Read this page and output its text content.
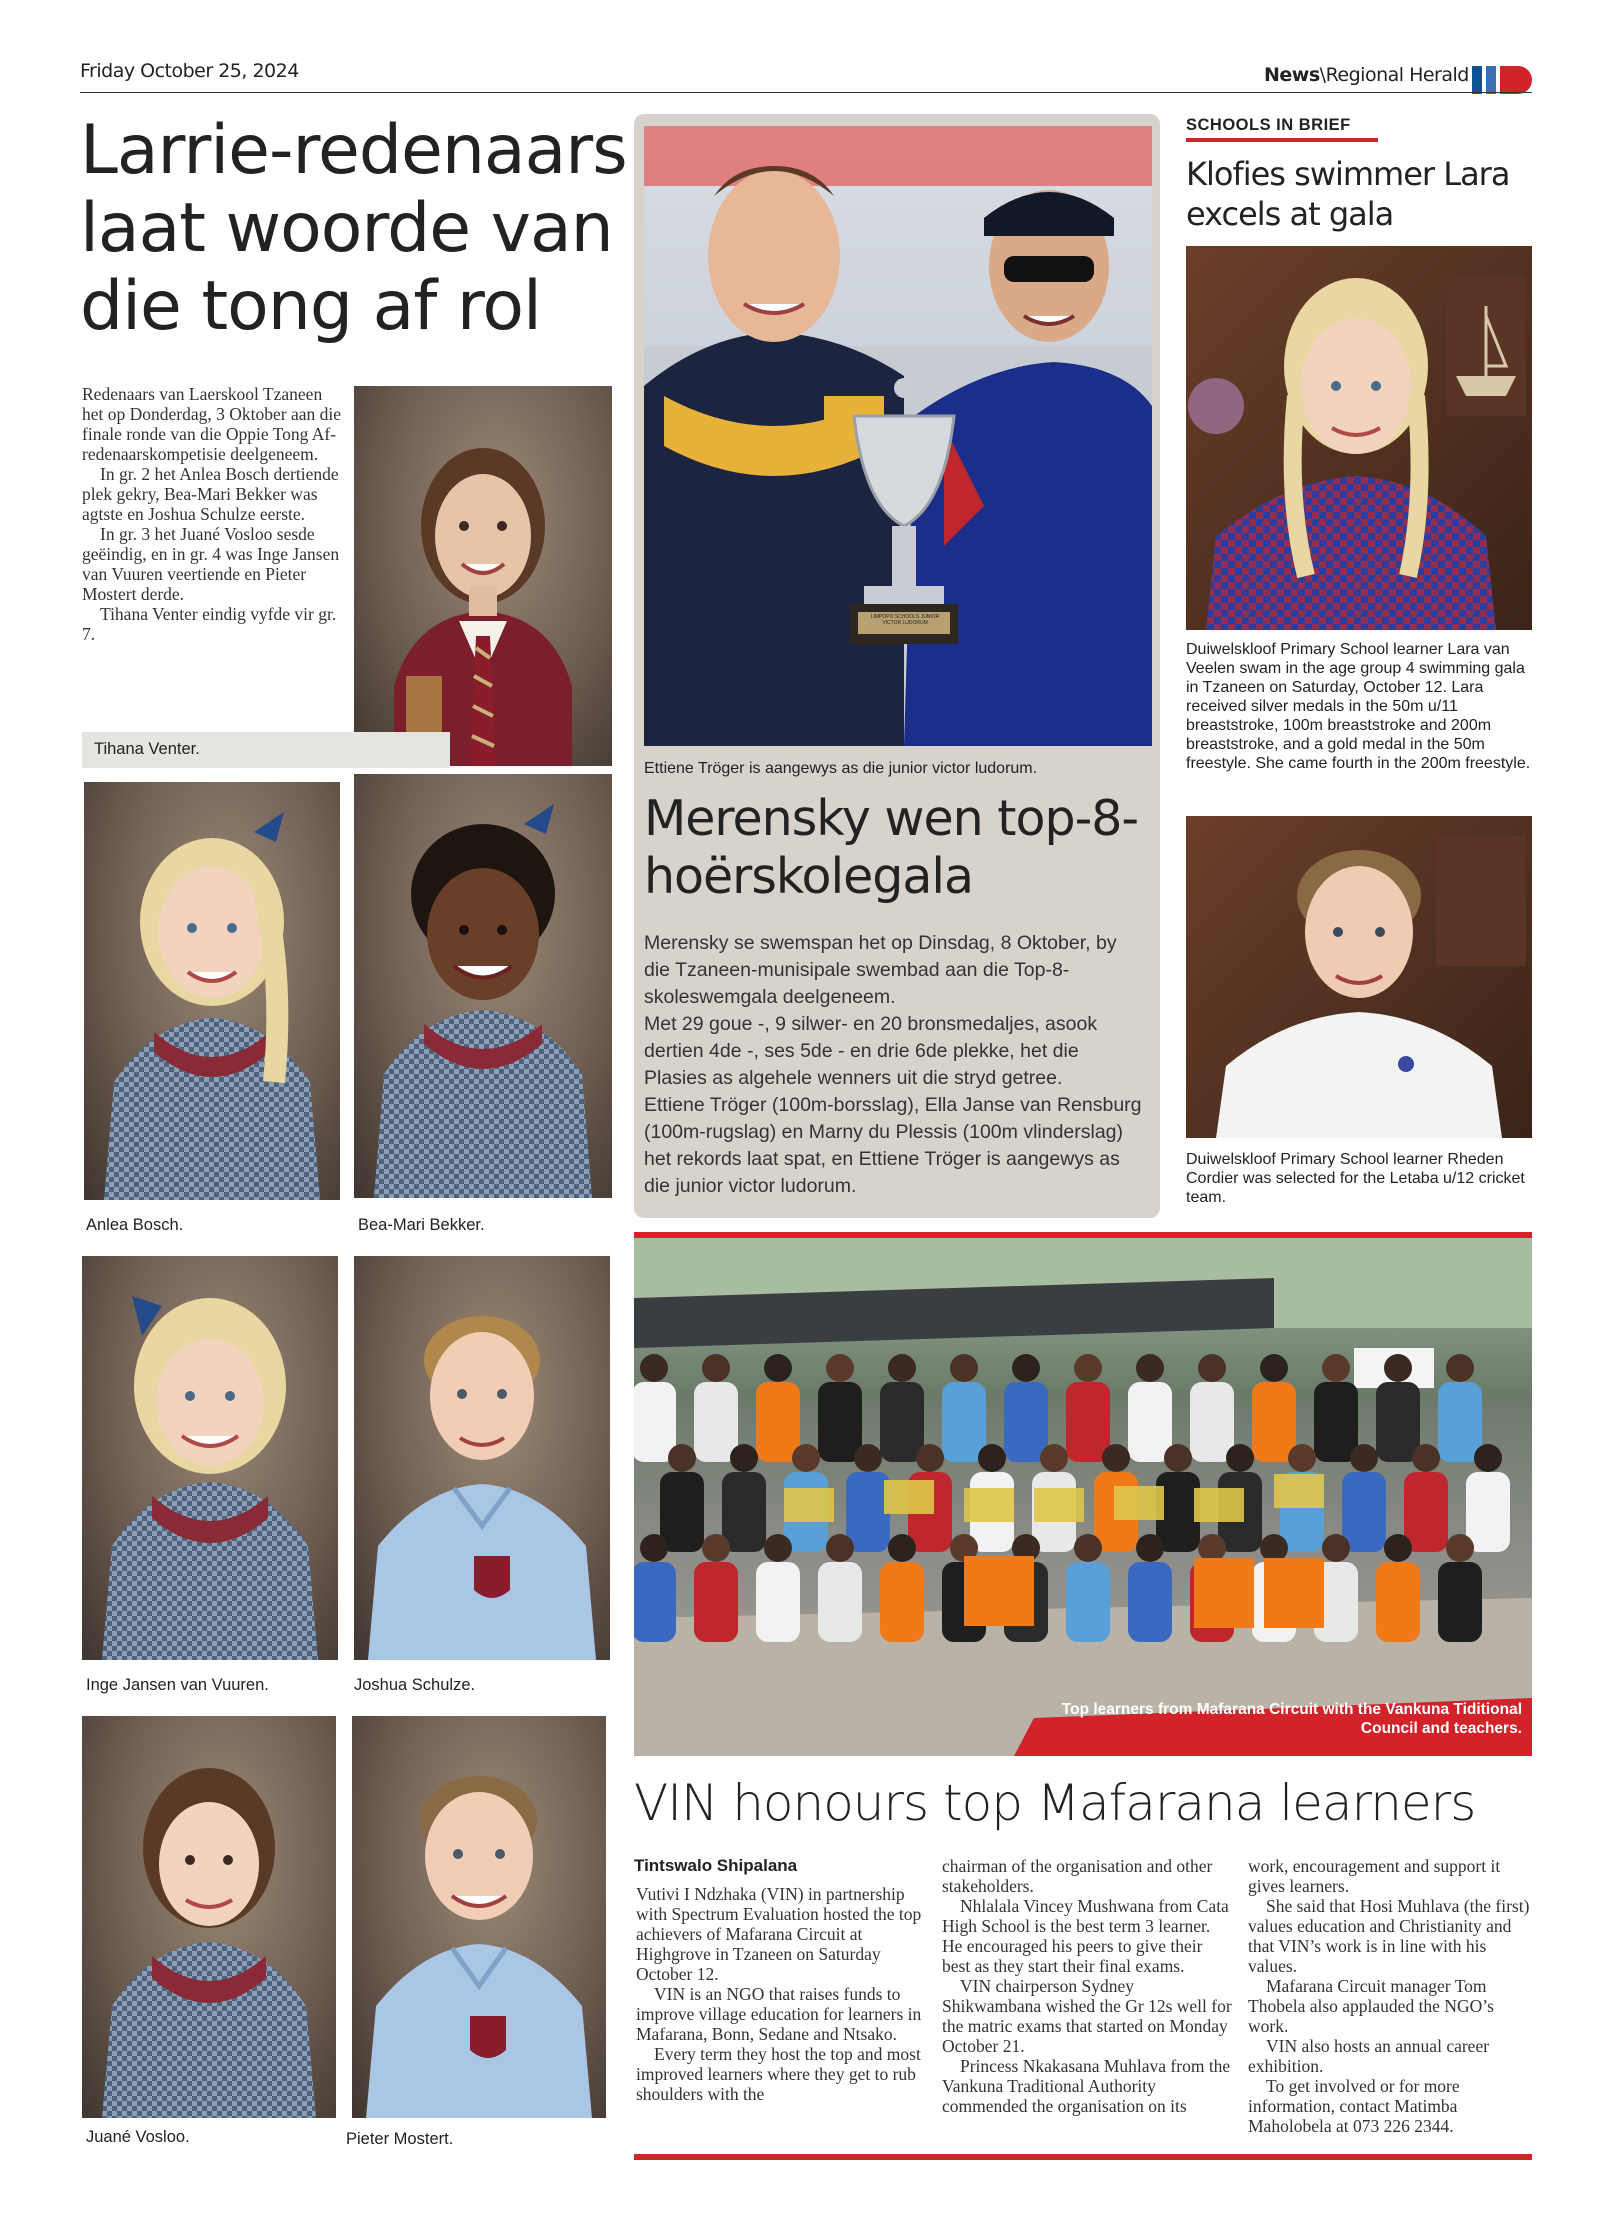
Friday October 25, 2024	News\Regional Herald
Larrie-redenaars laat woorde van die tong af rol

Redenaars van Laerskool Tzaneen het op Donderdag, 3 Oktober aan die finale ronde van die Oppie Tong Af-redenaarskompetisie deelgeneem.

In gr. 2 het Anlea Bosch dertiende plek gekry, Bea-Mari Bekker was agtste en Joshua Schulze eerste.

In gr. 3 het Juané Vosloo sesde geëindig, en in gr. 4 was Inge Jansen van Vuuren veertiende en Pieter Mostert derde.

Tihana Venter eindig vyfde vir gr. 7.

Tihana Venter.
Anlea Bosch.	Bea-Mari Bekker.
Inge Jansen van Vuuren.	Joshua Schulze.
Juané Vosloo.	Pieter Mostert.
LIMPOPO SCHOOLS JUNIOR VICTOR LUDORUM
Ettiene Tröger is aangewys as die junior victor ludorum.
Merensky wen top-8-hoërskolegala

Merensky se swemspan het op Dinsdag, 8 Oktober, by die Tzaneen-munisipale swembad aan die Top-8-skoleswemgala deelgeneem.

Met 29 goue -, 9 silwer- en 20 bronsmedaljes, asook dertien 4de -, ses 5de - en drie 6de plekke, het die Plasies as algehele wenners uit die stryd getree.

Ettiene Tröger (100m-borsslag), Ella Janse van Rensburg (100m-rugslag) en Marny du Plessis (100m vlinderslag) het rekords laat spat, en Ettiene Tröger is aangewys as die junior victor ludorum.

SCHOOLS IN BRIEF
Klofies swimmer Lara excels at gala
Duiwelskloof Primary School learner Lara van Veelen swam in the age group 4 swimming gala in Tzaneen on Saturday, October 12. Lara received silver medals in the 50m u/11 breaststroke, 100m breaststroke and 200m breaststroke, and a gold medal in the 50m freestyle. She came fourth in the 200m freestyle.
Duiwelskloof Primary School learner Rheden Cordier was selected for the Letaba u/12 cricket team.
Top learners from Mafarana Circuit with the Vankuna Tiditional Council and teachers.
VIN honours top Mafarana learners
Tintswalo Shipalana

Vutivi I Ndzhaka (VIN) in partnership with Spectrum Evaluation hosted the top achievers of Mafarana Circuit at Highgrove in Tzaneen on Saturday October 12.

VIN is an NGO that raises funds to improve village education for learners in Mafarana, Bonn, Sedane and Ntsako.

Every term they host the top and most improved learners where they get to rub shoulders with the

chairman of the organisation and other stakeholders.

Nhlalala Vincey Mushwana from Cata High School is the best term 3 learner. He encouraged his peers to give their best as they start their final exams.

VIN chairperson Sydney Shikwambana wished the Gr 12s well for the matric exams that started on Monday October 21.

Princess Nkakasana Muhlava from the Vankuna Traditional Authority commended the organisation on its

work, encouragement and support it gives learners.

She said that Hosi Muhlava (the first) values education and Christianity and that VIN’s work is in line with his values.

Mafarana Circuit manager Tom Thobela also applauded the NGO’s work.

VIN also hosts an annual career exhibition.

To get involved or for more information, contact Matimba Maholobela at 073 226 2344.
